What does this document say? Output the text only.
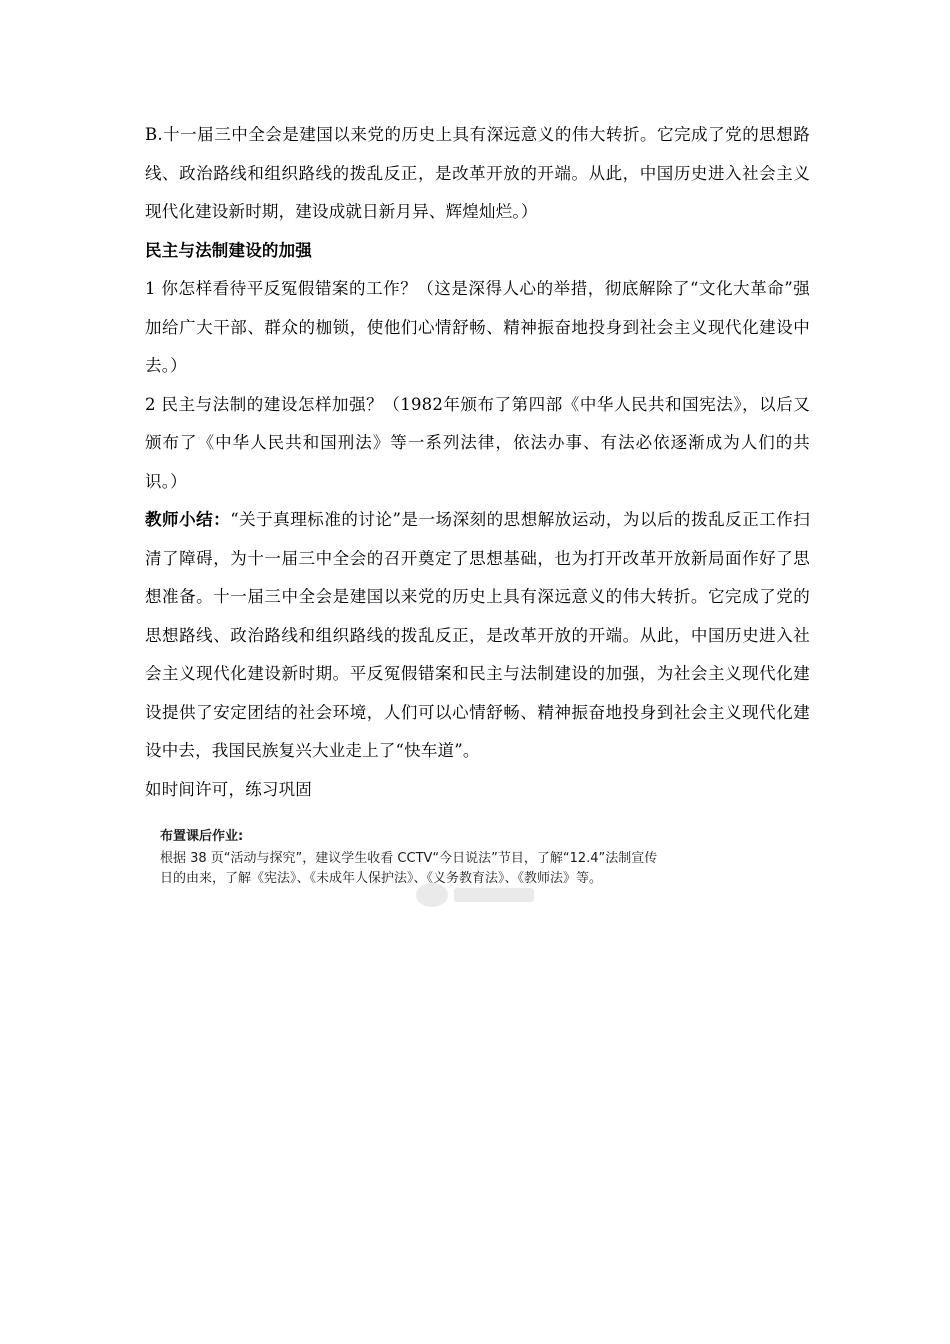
B.十一届三中全会是建国以来党的历史上具有深远意义的伟大转折。它完成了党的思想路线、政治路线和组织路线的拨乱反正，是改革开放的开端。从此，中国历史进入社会主义现代化建设新时期，建设成就日新月异、辉煌灿烂。）

民主与法制建设的加强

1 你怎样看待平反冤假错案的工作？（这是深得人心的举措，彻底解除了“文化大革命”强加给广大干部、群众的枷锁，使他们心情舒畅、精神振奋地投身到社会主义现代化建设中去。）

2 民主与法制的建设怎样加强？（1982年颁布了第四部《中华人民共和国宪法》，以后又颁布了《中华人民共和国刑法》等一系列法律，依法办事、有法必依逐渐成为人们的共识。）

教师小结：“关于真理标准的讨论”是一场深刻的思想解放运动，为以后的拨乱反正工作扫清了障碍，为十一届三中全会的召开奠定了思想基础，也为打开改革开放新局面作好了思想准备。十一届三中全会是建国以来党的历史上具有深远意义的伟大转折。它完成了党的思想路线、政治路线和组织路线的拨乱反正，是改革开放的开端。从此，中国历史进入社会主义现代化建设新时期。平反冤假错案和民主与法制建设的加强，为社会主义现代化建设提供了安定团结的社会环境，人们可以心情舒畅、精神振奋地投身到社会主义现代化建设中去，我国民族复兴大业走上了“快车道”。

如时间许可，练习巩固

布置课后作业:

根据 38 页“活动与探究”，建议学生收看 CCTV“今日说法”节目，了解“12.4”法制宣传

日的由来，了解《宪法》、《未成年人保护法》、《义务教育法》、《教师法》等。
